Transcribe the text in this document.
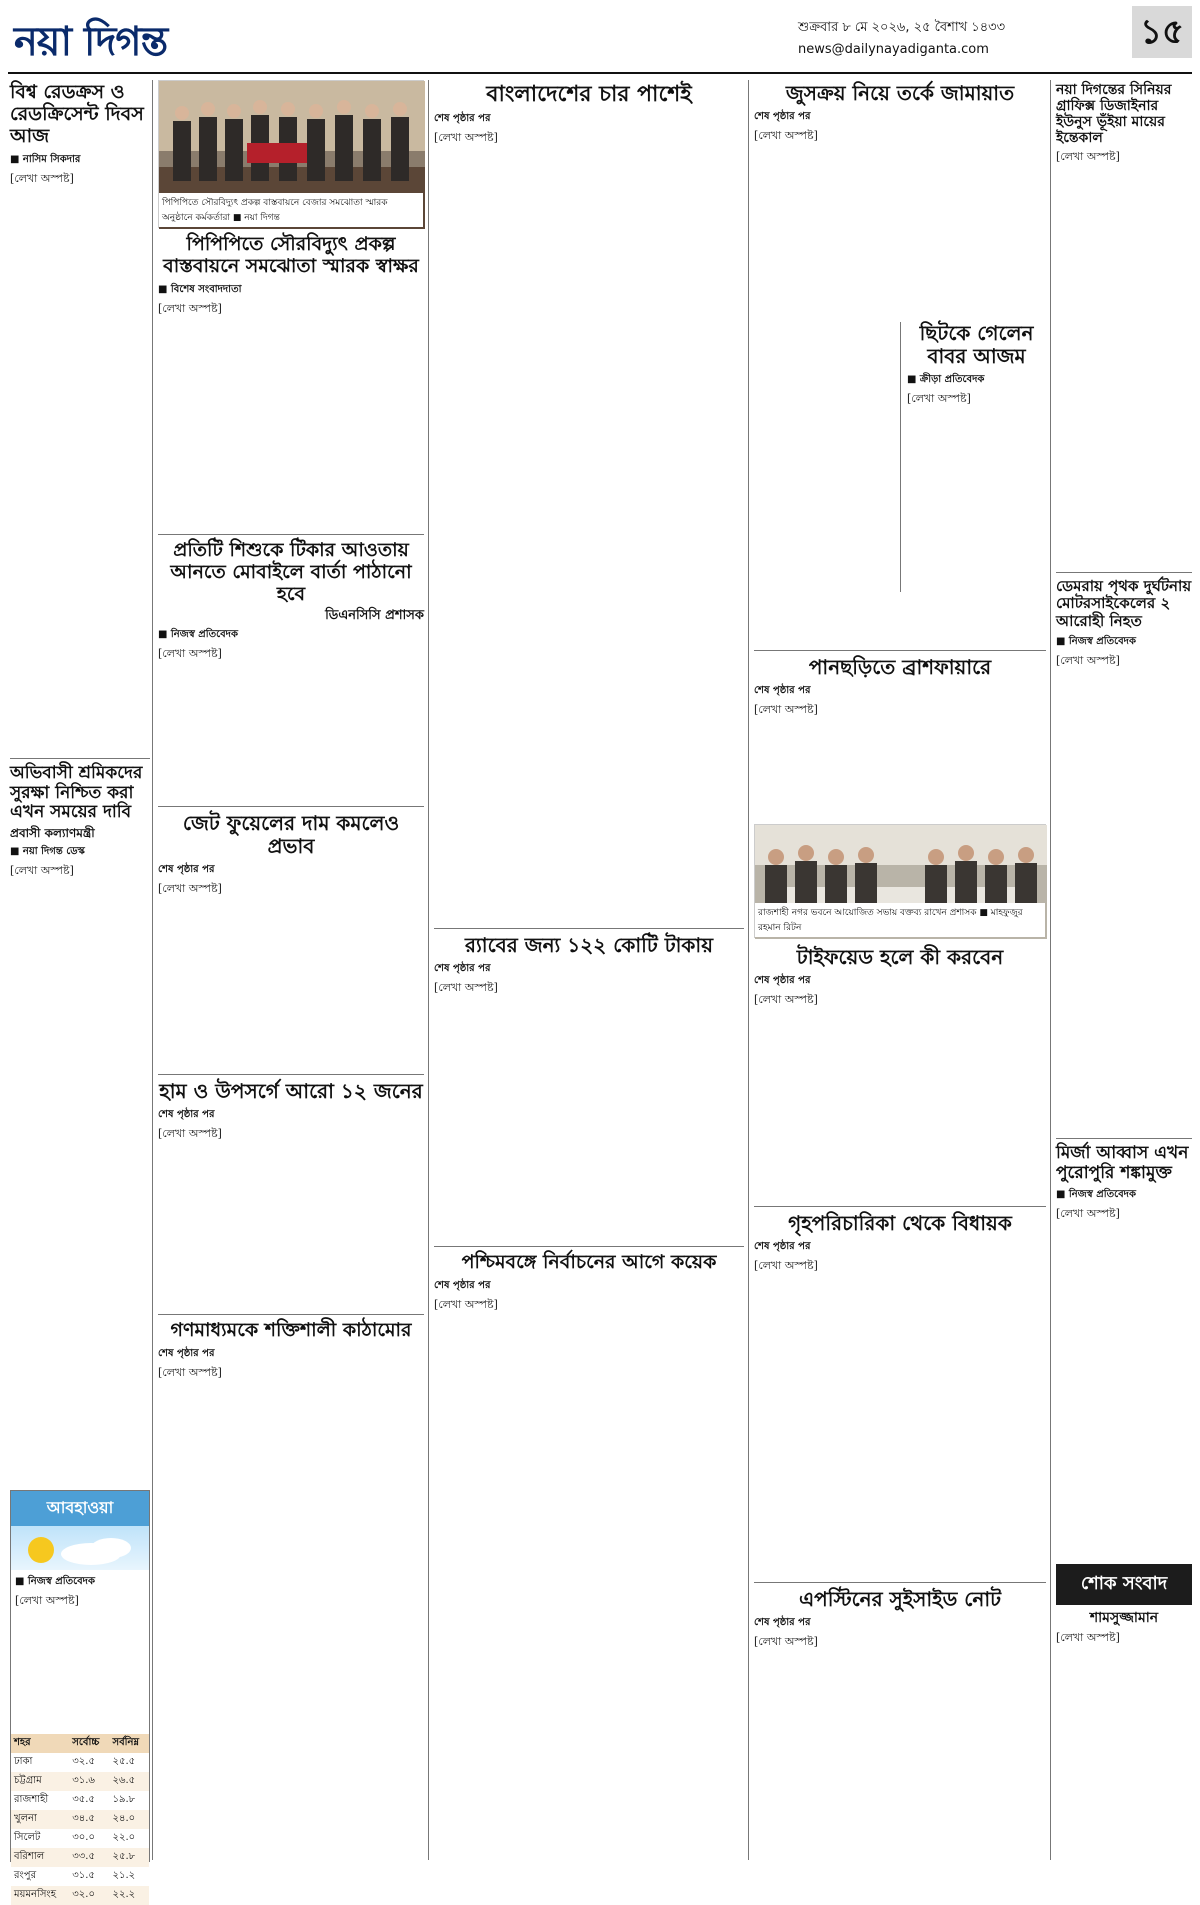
নয়া দিগন্ত	শুক্রবার ৮ মে ২০২৬, ২৫ বৈশাখ ১৪৩৩
news@dailynayadiganta.com	১৫
বিশ্ব রেডক্রস ও রেডক্রিসেন্ট দিবস আজ
■ নাসিম সিকদার

[লেখা অস্পষ্ট]

অভিবাসী শ্রমিকদের সুরক্ষা নিশ্চিত করা এখন সময়ের দাবি
প্রবাসী কল্যাণমন্ত্রী
■ নয়া দিগন্ত ডেস্ক

[লেখা অস্পষ্ট]

আবহাওয়া
■ নিজস্ব প্রতিবেদক

[লেখা অস্পষ্ট]

শহর	সর্বোচ্চ	সর্বনিম্ন
ঢাকা	৩২.৫	২৫.৫
চট্টগ্রাম	৩১.৬	২৬.৫
রাজশাহী	৩৫.৫	১৯.৮
খুলনা	৩৪.৫	২৪.০
সিলেট	৩০.০	২২.০
বরিশাল	৩৩.৫	২৫.৮
রংপুর	৩১.৫	২১.২
ময়মনসিংহ	৩২.০	২২.২
পিপিপিতে সৌরবিদ্যুৎ প্রকল্প বাস্তবায়নে বেজার সমঝোতা স্মারক অনুষ্ঠানে কর্মকর্তারা ■ নয়া দিগন্ত
পিপিপিতে সৌরবিদ্যুৎ প্রকল্প বাস্তবায়নে সমঝোতা স্মারক স্বাক্ষর
■ বিশেষ সংবাদদাতা

[লেখা অস্পষ্ট]

প্রতিটি শিশুকে টিকার আওতায় আনতে মোবাইলে বার্তা পাঠানো হবে
ডিএনসিসি প্রশাসক
■ নিজস্ব প্রতিবেদক

[লেখা অস্পষ্ট]

জেট ফুয়েলের দাম কমলেও প্রভাব
শেষ পৃষ্ঠার পর

[লেখা অস্পষ্ট]

হাম ও উপসর্গে আরো ১২ জনের
শেষ পৃষ্ঠার পর

[লেখা অস্পষ্ট]

গণমাধ্যমকে শক্তিশালী কাঠামোর
শেষ পৃষ্ঠার পর

[লেখা অস্পষ্ট]

বাংলাদেশের চার পাশেই
শেষ পৃষ্ঠার পর

[লেখা অস্পষ্ট]

র‍্যাবের জন্য ১২২ কোটি টাকায়
শেষ পৃষ্ঠার পর

[লেখা অস্পষ্ট]

পশ্চিমবঙ্গে নির্বাচনের আগে কয়েক
শেষ পৃষ্ঠার পর

[লেখা অস্পষ্ট]

জুসক্রয় নিয়ে তর্কে জামায়াত
শেষ পৃষ্ঠার পর

[লেখা অস্পষ্ট]

ছিটকে গেলেন বাবর আজম
■ ক্রীড়া প্রতিবেদক

[লেখা অস্পষ্ট]

পানছড়িতে ব্রাশফায়ারে
শেষ পৃষ্ঠার পর

[লেখা অস্পষ্ট]

রাজশাহী নগর ভবনে আয়োজিত সভায় বক্তব্য রাখেন প্রশাসক ■ মাহফুজুর রহমান রিটন
টাইফয়েড হলে কী করবেন
শেষ পৃষ্ঠার পর

[লেখা অস্পষ্ট]

গৃহপরিচারিকা থেকে বিধায়ক
শেষ পৃষ্ঠার পর

[লেখা অস্পষ্ট]

এপস্টিনের সুইসাইড নোট
শেষ পৃষ্ঠার পর

[লেখা অস্পষ্ট]

নয়া দিগন্তের সিনিয়র গ্রাফিক্স ডিজাইনার ইউনুস ভূঁইয়া মায়ের ইন্তেকাল

[লেখা অস্পষ্ট]

ডেমরায় পৃথক দুর্ঘটনায় মোটরসাইকেলের ২ আরোহী নিহত
■ নিজস্ব প্রতিবেদক

[লেখা অস্পষ্ট]

মির্জা আব্বাস এখন পুরোপুরি শঙ্কামুক্ত
■ নিজস্ব প্রতিবেদক

[লেখা অস্পষ্ট]

শোক সংবাদ
শামসুজ্জামান

[লেখা অস্পষ্ট]
